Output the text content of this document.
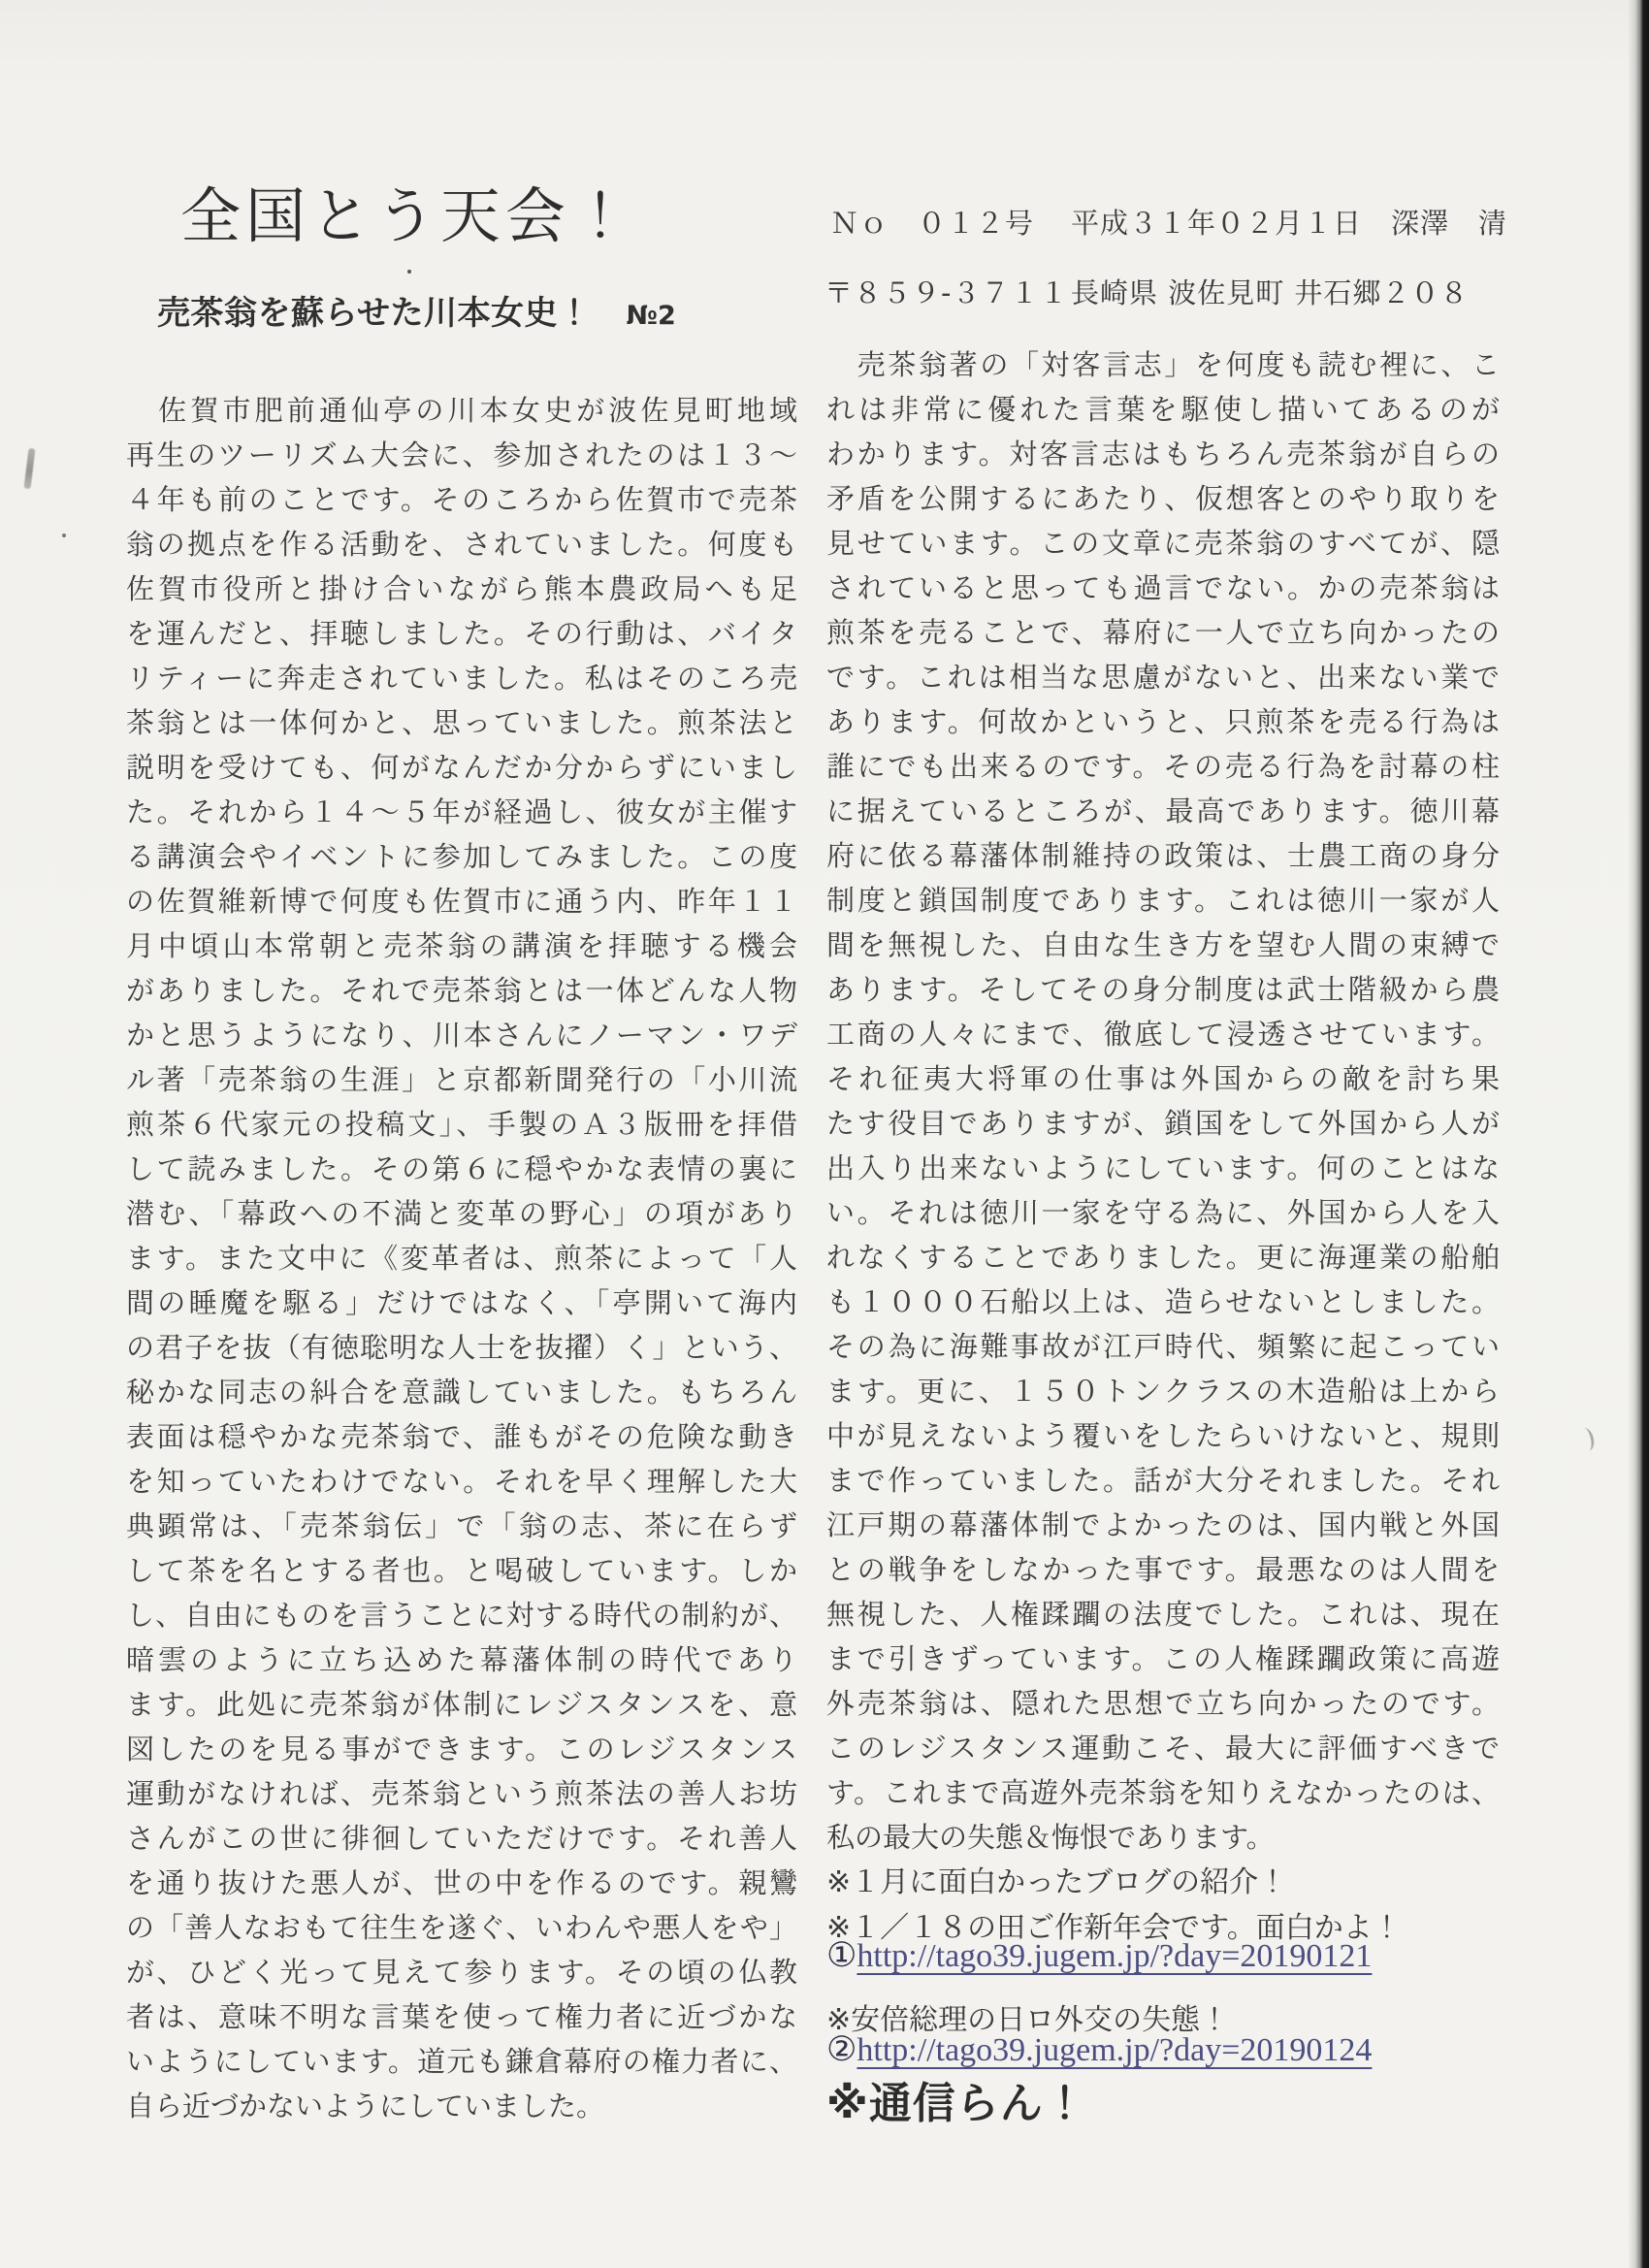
全国とう天会！
売茶翁を蘇らせた川本女史！ №2
Ｎｏ　０１２号 平成３１年０２月１日　深澤　清
〒８５９-３７１１ 長崎県 波佐見町 井石郷２０８
　佐賀市肥前通仙亭の川本女史が波佐見町地域
再生のツーリズム大会に、参加されたのは１３〜
４年も前のことです。そのころから佐賀市で売茶
翁の拠点を作る活動を、されていました。何度も
佐賀市役所と掛け合いながら熊本農政局へも足
を運んだと、拝聴しました。その行動は、バイタ
リティーに奔走されていました。私はそのころ売
茶翁とは一体何かと、思っていました。煎茶法と
説明を受けても、何がなんだか分からずにいまし
た。それから１４〜５年が経過し、彼女が主催す
る講演会やイベントに参加してみました。この度
の佐賀維新博で何度も佐賀市に通う内、昨年１１
月中頃山本常朝と売茶翁の講演を拝聴する機会
がありました。それで売茶翁とは一体どんな人物
かと思うようになり、川本さんにノーマン・ワデ
ル著「売茶翁の生涯」と京都新聞発行の「小川流
煎茶６代家元の投稿文」、手製のＡ３版冊を拝借
して読みました。その第６に穏やかな表情の裏に
潜む、「幕政への不満と変革の野心」の項があり
ます。また文中に《変革者は、煎茶によって「人
間の睡魔を駆る」だけではなく、「亭開いて海内
の君子を抜（有徳聡明な人士を抜擢）く」という、
秘かな同志の糾合を意識していました。もちろん
表面は穏やかな売茶翁で、誰もがその危険な動き
を知っていたわけでない。それを早く理解した大
典顕常は、「売茶翁伝」で「翁の志、茶に在らず
して茶を名とする者也。と喝破しています。しか
し、自由にものを言うことに対する時代の制約が、
暗雲のように立ち込めた幕藩体制の時代であり
ます。此処に売茶翁が体制にレジスタンスを、意
図したのを見る事ができます。このレジスタンス
運動がなければ、売茶翁という煎茶法の善人お坊
さんがこの世に徘徊していただけです。それ善人
を通り抜けた悪人が、世の中を作るのです。親鸞
の「善人なおもて往生を遂ぐ、いわんや悪人をや」
が、ひどく光って見えて参ります。その頃の仏教
者は、意味不明な言葉を使って権力者に近づかな
いようにしています。道元も鎌倉幕府の権力者に、
自ら近づかないようにしていました。
　売茶翁著の「対客言志」を何度も読む裡に、こ
れは非常に優れた言葉を駆使し描いてあるのが
わかります。対客言志はもちろん売茶翁が自らの
矛盾を公開するにあたり、仮想客とのやり取りを
見せています。この文章に売茶翁のすべてが、隠
されていると思っても過言でない。かの売茶翁は
煎茶を売ることで、幕府に一人で立ち向かったの
です。これは相当な思慮がないと、出来ない業で
あります。何故かというと、只煎茶を売る行為は
誰にでも出来るのです。その売る行為を討幕の柱
に据えているところが、最高であります。徳川幕
府に依る幕藩体制維持の政策は、士農工商の身分
制度と鎖国制度であります。これは徳川一家が人
間を無視した、自由な生き方を望む人間の束縛で
あります。そしてその身分制度は武士階級から農
工商の人々にまで、徹底して浸透させています。
それ征夷大将軍の仕事は外国からの敵を討ち果
たす役目でありますが、鎖国をして外国から人が
出入り出来ないようにしています。何のことはな
い。それは徳川一家を守る為に、外国から人を入
れなくすることでありました。更に海運業の船舶
も１０００石船以上は、造らせないとしました。
その為に海難事故が江戸時代、頻繁に起こってい
ます。更に、１５０トンクラスの木造船は上から
中が見えないよう覆いをしたらいけないと、規則
まで作っていました。話が大分それました。それ
江戸期の幕藩体制でよかったのは、国内戦と外国
との戦争をしなかった事です。最悪なのは人間を
無視した、人権蹂躙の法度でした。これは、現在
まで引きずっています。この人権蹂躙政策に高遊
外売茶翁は、隠れた思想で立ち向かったのです。
このレジスタンス運動こそ、最大に評価すべきで
す。これまで高遊外売茶翁を知りえなかったのは、
私の最大の失態＆悔恨であります。
※１月に面白かったブログの紹介！
※１／１８の田ご作新年会です。面白かよ！
①http://tago39.jugem.jp/?day=20190121
※安倍総理の日ロ外交の失態！
②http://tago39.jugem.jp/?day=20190124
※通信らん！
